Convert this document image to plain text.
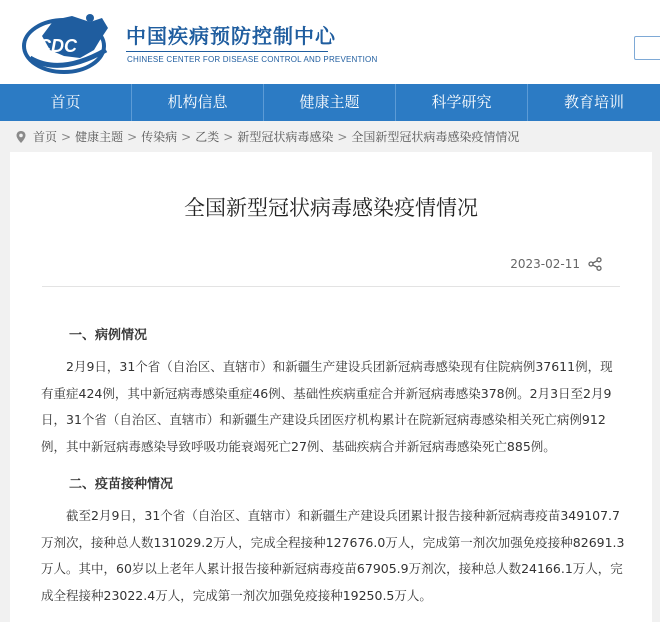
CDC 中国疾病预防控制中心
CHINESE CENTER FOR DISEASE CONTROL AND PREVENTION
首页	机构信息	健康主题	科学研究	教育培训
首页 > 健康主题 > 传染病 > 乙类 > 新型冠状病毒感染 > 全国新型冠状病毒感染疫情情况
全国新型冠状病毒感染疫情情况
2023-02-11
一、病例情况

2月9日，31个省（自治区、直辖市）和新疆生产建设兵团新冠病毒感染现有住院病例37611例，现有重症424例，其中新冠病毒感染重症46例、基础性疾病重症合并新冠病毒感染378例。2月3日至2月9日，31个省（自治区、直辖市）和新疆生产建设兵团医疗机构累计在院新冠病毒感染相关死亡病例912例，其中新冠病毒感染导致呼吸功能衰竭死亡27例、基础疾病合并新冠病毒感染死亡885例。

二、疫苗接种情况

截至2月9日，31个省（自治区、直辖市）和新疆生产建设兵团累计报告接种新冠病毒疫苗349107.7万剂次，接种总人数131029.2万人，完成全程接种127676.0万人，完成第一剂次加强免疫接种82691.3万人。其中，60岁以上老年人累计报告接种新冠病毒疫苗67905.9万剂次，接种总人数24166.1万人，完成全程接种23022.4万人，完成第一剂次加强免疫接种19250.5万人。
